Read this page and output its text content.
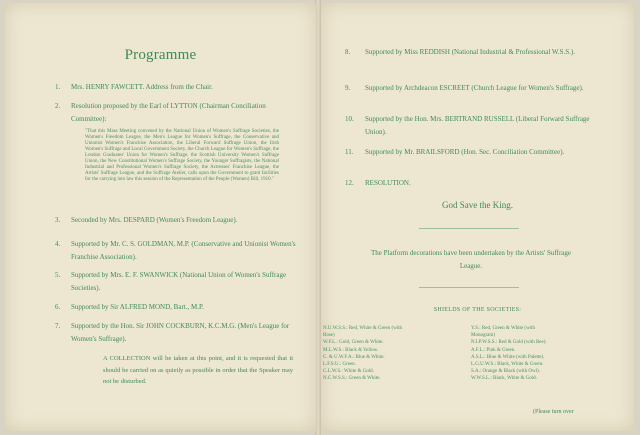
Programme
1. Mrs. HENRY FAWCETT. Address from the Chair.
2. Resolution proposed by the Earl of LYTTON (Chairman Conciliation Committee):
"That this Mass Meeting convened by the National Union of Women's Suffrage Societies, the Women's Freedom League, the Men's League for Women's Suffrage, the Conservative and Unionist Women's Franchise Association, the Liberal Forward Suffrage Union, the Irish Women's Suffrage and Local Government Society, the Church League for Women's Suffrage, the London Graduates' Union for Women's Suffrage, the Scottish University Women's Suffrage Union, the New Constitutional Women's Suffrage Society, the Younger Suffragists, the National Industrial and Professional Women's Suffrage Society, the Actresses' Franchise League, the Artists' Suffrage League, and the Suffrage Atelier, calls upon the Government to grant facilities for the carrying into law this session of the Representation of the People (Women) Bill, 1910."
3. Seconded by Mrs. DESPARD (Women's Freedom League).
4. Supported by Mr. C. S. GOLDMAN, M.P. (Conservative and Unionist Women's Franchise Association).
5. Supported by Mrs. E. F. SWANWICK (National Union of Women's Suffrage Societies).
6. Supported by Sir ALFRED MOND, Bart., M.P.
7. Supported by the Hon. Sir JOHN COCKBURN, K.C.M.G. (Men's League for Women's Suffrage).
A COLLECTION will be taken at this point, and it is requested that it should be carried on as quietly as possible in order that the Speaker may not be disturbed.
8. Supported by Miss REDDISH (National Industrial & Professional W.S.S.).
9. Supported by Archdeacon ESCREET (Church League for Women's Suffrage).
10. Supported by the Hon. Mrs. BERTRAND RUSSELL (Liberal Forward Suffrage Union).
11. Supported by Mr. BRAILSFORD (Hon. Sec. Conciliation Committee).
12. RESOLUTION.
God Save the King.
The Platform decorations have been undertaken by the Artists' Suffrage League.
SHIELDS OF THE SOCIETIES:
N.U.W.S.S.: Red, White & Green (with
Rose)
W.F.L.: Gold, Green & White.
M.L.W.S.: Black & Yellow.
C. & U.W.F.A.: Blue & White.
L.F.S.U.: Green.
C.L.W.S.: White & Gold.
N.C.W.S.S.: Green & White.
Y.S.: Red, Green & White (with
Monogram)
N.I.P.W.S.S.: Red & Gold (with Bee).
A.F.L.: Pink & Green.
A.S.L.: Blue & White (with Palette).
L.G.U.W.S.: Black, White & Green.
S.A.: Orange & Black (with Owl).
W.W.S.L.: Black, White & Gold.
(Please turn over
